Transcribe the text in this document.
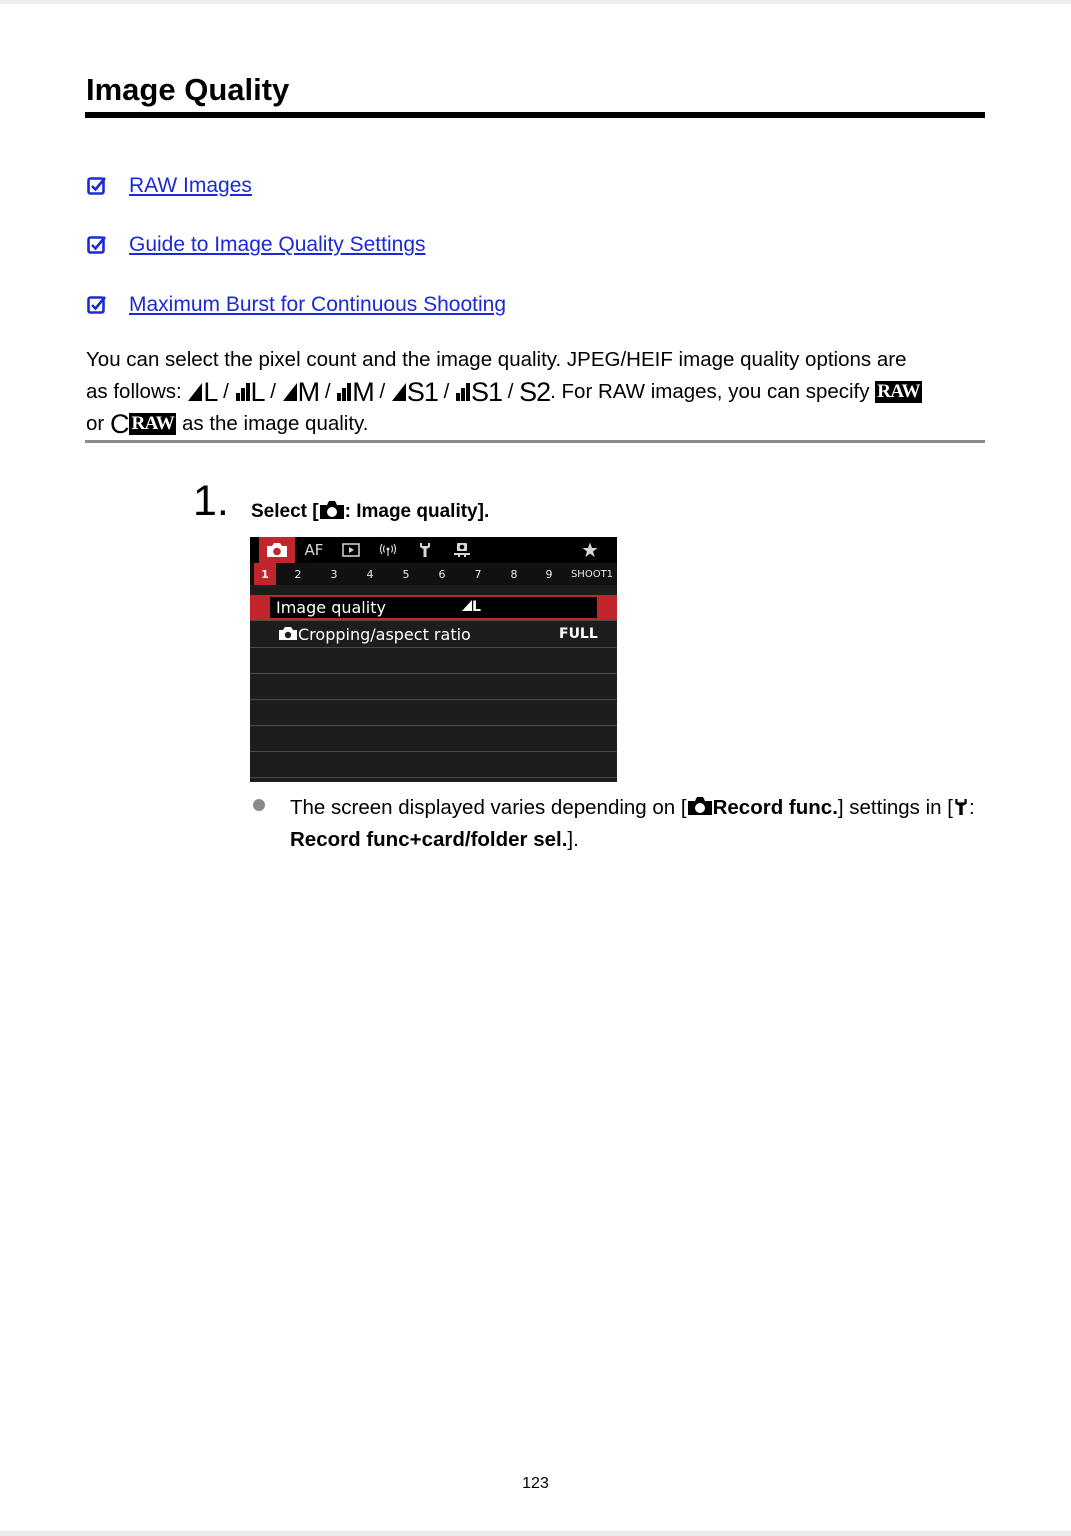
Image Quality
RAW Images
Guide to Image Quality Settings
Maximum Burst for Continuous Shooting

You can select the pixel count and the image quality. JPEG/HEIF image quality options are

as follows: L / L / M / M / S1 / S1 / S2. For RAW images, you can specify RAW

or C RAW as the image quality.

1. Select [ : Image quality].
AF
1	2	3	4	5	6	7	8	9	SHOOT1
Image quality	L
Cropping/aspect ratio	FULL

The screen displayed varies depending on [ Record func.] settings in [ : Record func+card/folder sel.].

123
